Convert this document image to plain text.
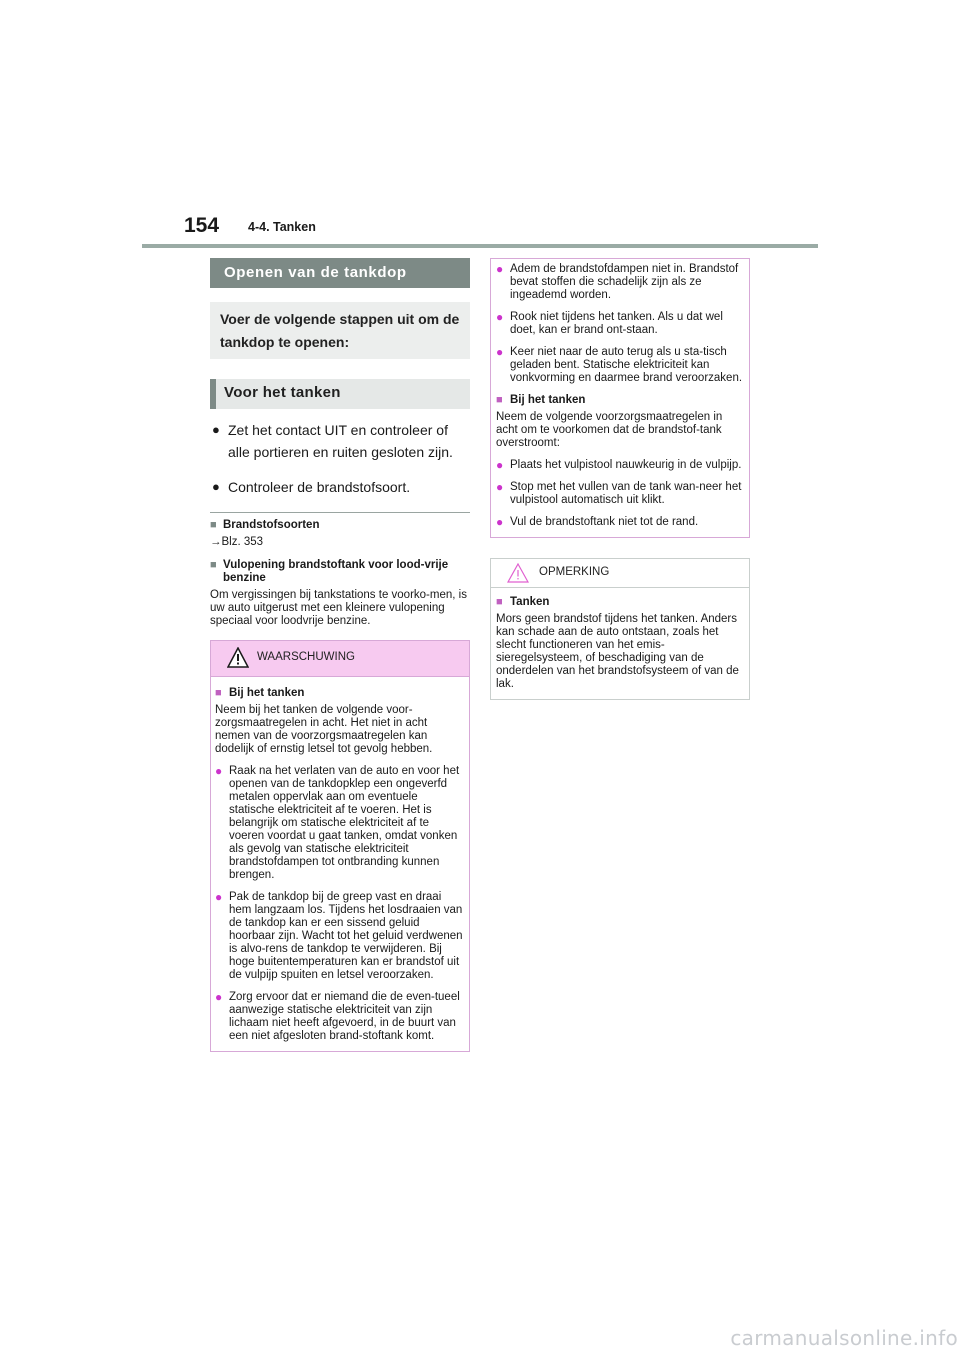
154 4-4. Tanken
Openen van de tankdop
Voer de volgende stappen uit om de tankdop te openen:
Voor het tanken
● Zet het contact UIT en controleer of alle portieren en ruiten gesloten zijn.
● Controleer de brandstofsoort.
■ Brandstofsoorten
→Blz. 353
■ Vulopening brandstoftank voor lood-vrije benzine
Om vergissingen bij tankstations te voorko-men, is uw auto uitgerust met een kleinere vulopening speciaal voor loodvrije benzine.
WAARSCHUWING
■ Bij het tanken
Neem bij het tanken de volgende voor-zorgsmaatregelen in acht. Het niet in acht nemen van de voorzorgsmaatregelen kan dodelijk of ernstig letsel tot gevolg hebben.
● Raak na het verlaten van de auto en voor het openen van de tankdopklep een ongeverfd metalen oppervlak aan om eventuele statische elektriciteit af te voeren. Het is belangrijk om statische elektriciteit af te voeren voordat u gaat tanken, omdat vonken als gevolg van statische elektriciteit brandstofdampen tot ontbranding kunnen brengen.
● Pak de tankdop bij de greep vast en draai hem langzaam los. Tijdens het losdraaien van de tankdop kan er een sissend geluid hoorbaar zijn. Wacht tot het geluid verdwenen is alvo-rens de tankdop te verwijderen. Bij hoge buitentemperaturen kan er brandstof uit de vulpijp spuiten en letsel veroorzaken.
● Zorg ervoor dat er niemand die de even-tueel aanwezige statische elektriciteit van zijn lichaam niet heeft afgevoerd, in de buurt van een niet afgesloten brand-stoftank komt.
● Adem de brandstofdampen niet in. Brandstof bevat stoffen die schadelijk zijn als ze ingeademd worden.
● Rook niet tijdens het tanken. Als u dat wel doet, kan er brand ont-staan.
● Keer niet naar de auto terug als u sta-tisch geladen bent. Statische elektriciteit kan vonkvorming en daarmee brand veroorzaken.
■ Bij het tanken
Neem de volgende voorzorgsmaatregelen in acht om te voorkomen dat de brandstof-tank overstroomt:
● Plaats het vulpistool nauwkeurig in de vulpijp.
● Stop met het vullen van de tank wan-neer het vulpistool automatisch uit klikt.
● Vul de brandstoftank niet tot de rand.
OPMERKING
■ Tanken
Mors geen brandstof tijdens het tanken. Anders kan schade aan de auto ontstaan, zoals het slecht functioneren van het emis-sieregelsysteem, of beschadiging van de onderdelen van het brandstofsysteem of van de lak.
carmanualsonline.info
